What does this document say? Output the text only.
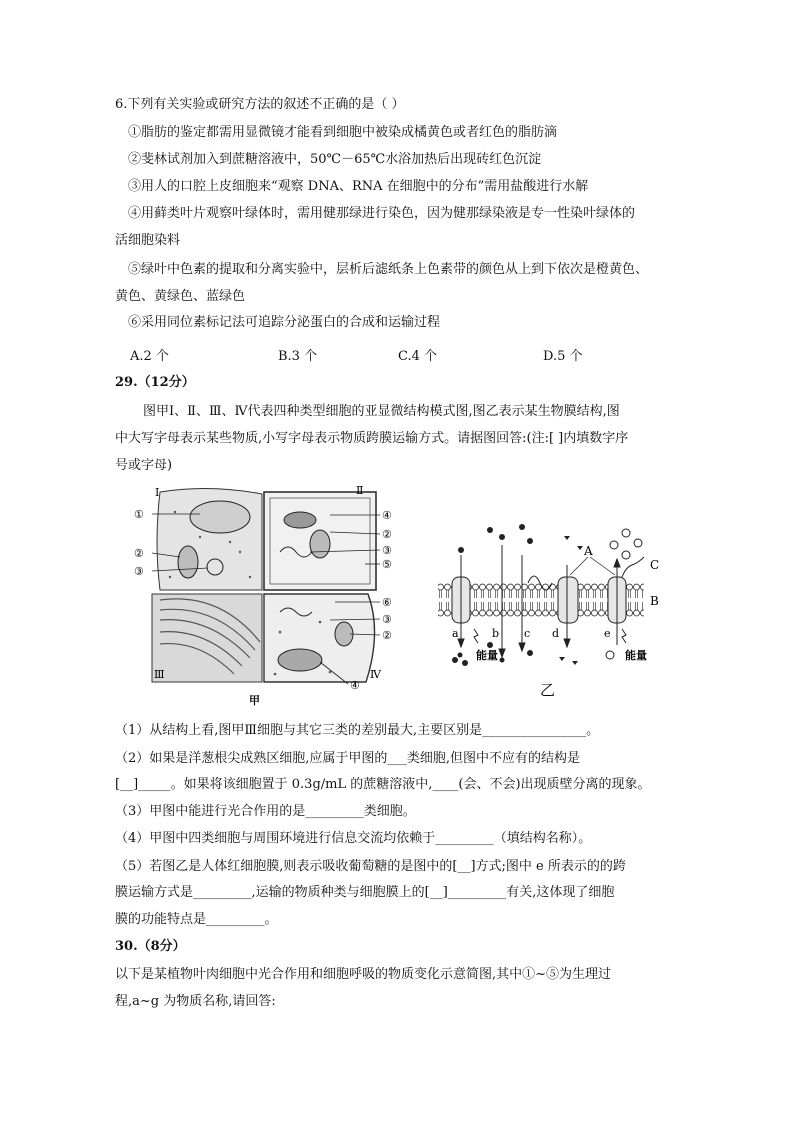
6.下列有关实验或研究方法的叙述不正确的是（ ）
①脂肪的鉴定都需用显微镜才能看到细胞中被染成橘黄色或者红色的脂肪滴
②斐林试剂加入到蔗糖溶液中，50℃－65℃水浴加热后出现砖红色沉淀
③用人的口腔上皮细胞来“观察 DNA、RNA 在细胞中的分布”需用盐酸进行水解
④用藓类叶片观察叶绿体时，需用健那绿进行染色，因为健那绿染液是专一性染叶绿体的
活细胞染料
⑤绿叶中色素的提取和分离实验中，层析后滤纸条上色素带的颜色从上到下依次是橙黄色、
黄色、黄绿色、蓝绿色
⑥采用同位素标记法可追踪分泌蛋白的合成和运输过程
A.2 个	B.3 个	C.4 个	D.5 个
29.（12分）
图甲Ⅰ、Ⅱ、Ⅲ、Ⅳ代表四种类型细胞的亚显微结构模式图,图乙表示某生物膜结构,图
中大写字母表示某些物质,小写字母表示物质跨膜运输方式。请据图回答:(注:[ ]内填数字序
号或字母)
Ⅰ
①
②
③
Ⅱ
④
②
③
⑤
Ⅲ
⑥
③
②
④
Ⅳ
甲
A
C
B
a	b c d	e
能量	能量
乙
（1）从结构上看,图甲Ⅲ细胞与其它三类的差别最大,主要区别是________________。
（2）如果是洋葱根尖成熟区细胞,应属于甲图的___类细胞,但图中不应有的结构是
[__]_____。如果将该细胞置于 0.3g/mL 的蔗糖溶液中,____(会、不会)出现质壁分离的现象。
（3）甲图中能进行光合作用的是_________类细胞。
（4）甲图中四类细胞与周围环境进行信息交流均依赖于_________（填结构名称）。
（5）若图乙是人体红细胞膜,则表示吸收葡萄糖的是图中的[__]方式;图中 e 所表示的的跨
膜运输方式是_________,运输的物质种类与细胞膜上的[__]_________有关,这体现了细胞
膜的功能特点是_________。
30.（8分）
以下是某植物叶肉细胞中光合作用和细胞呼吸的物质变化示意简图,其中①~⑤为生理过
程,a~g 为物质名称,请回答:
